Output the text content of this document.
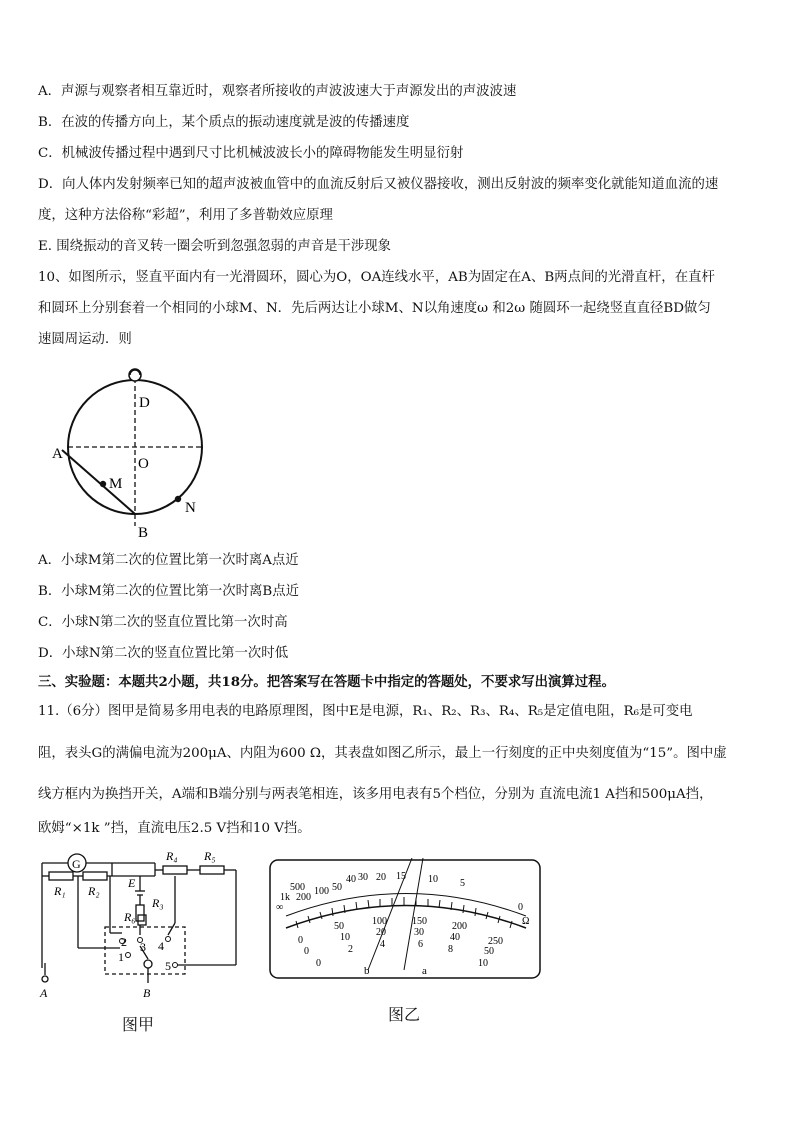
A．声源与观察者相互靠近时，观察者所接收的声波波速大于声源发出的声波波速
B．在波的传播方向上，某个质点的振动速度就是波的传播速度
C．机械波传播过程中遇到尺寸比机械波波长小的障碍物能发生明显衍射
D．向人体内发射频率已知的超声波被血管中的血流反射后又被仪器接收，测出反射波的频率变化就能知道血流的速
度，这种方法俗称“彩超”，利用了多普勒效应原理
E. 围绕振动的音叉转一圈会听到忽强忽弱的声音是干涉现象
10、如图所示，竖直平面内有一光滑圆环，圆心为O，OA连线水平，AB为固定在A、B两点间的光滑直杆，在直杆
和圆环上分别套着一个相同的小球M、N．先后两达让小球M、N以角速度ω 和2ω 随圆环一起绕竖直直径BD做匀
速圆周运动．则
A
B
D
O
M
N
A．小球M第二次的位置比第一次时离A点近
B．小球M第二次的位置比第一次时离B点近
C．小球N第二次的竖直位置比第一次时高
D．小球N第二次的竖直位置比第一次时低
三、实验题：本题共2小题，共18分。把答案写在答题卡中指定的答题处，不要求写出演算过程。
11.（6分）图甲是简易多用电表的电路原理图，图中E是电源，R₁、R₂、R₃、R₄、R₅是定值电阻，R₆是可变电
阻，表头G的满偏电流为200μA、内阻为600 Ω，其表盘如图乙所示，最上一行刻度的正中央刻度值为“15”。图中虚
线方框内为换挡开关，A端和B端分别与两表笔相连，该多用电表有5个档位，分别为 直流电流1 A挡和500μA挡，
欧姆“×1k ”挡，直流电压2.5 V挡和10 V挡。
G
R₁ R₂
R₄ R₅
E
R₃
R₆
1
2 3 4
5
A	B
图甲
∞
1k
500
200
100 50
40 30 20 15 10 5
0
Ω
0
50	100	150	200
250
0
10	20	30	40
50
0
2	4	6	8
10
b	a
图乙
